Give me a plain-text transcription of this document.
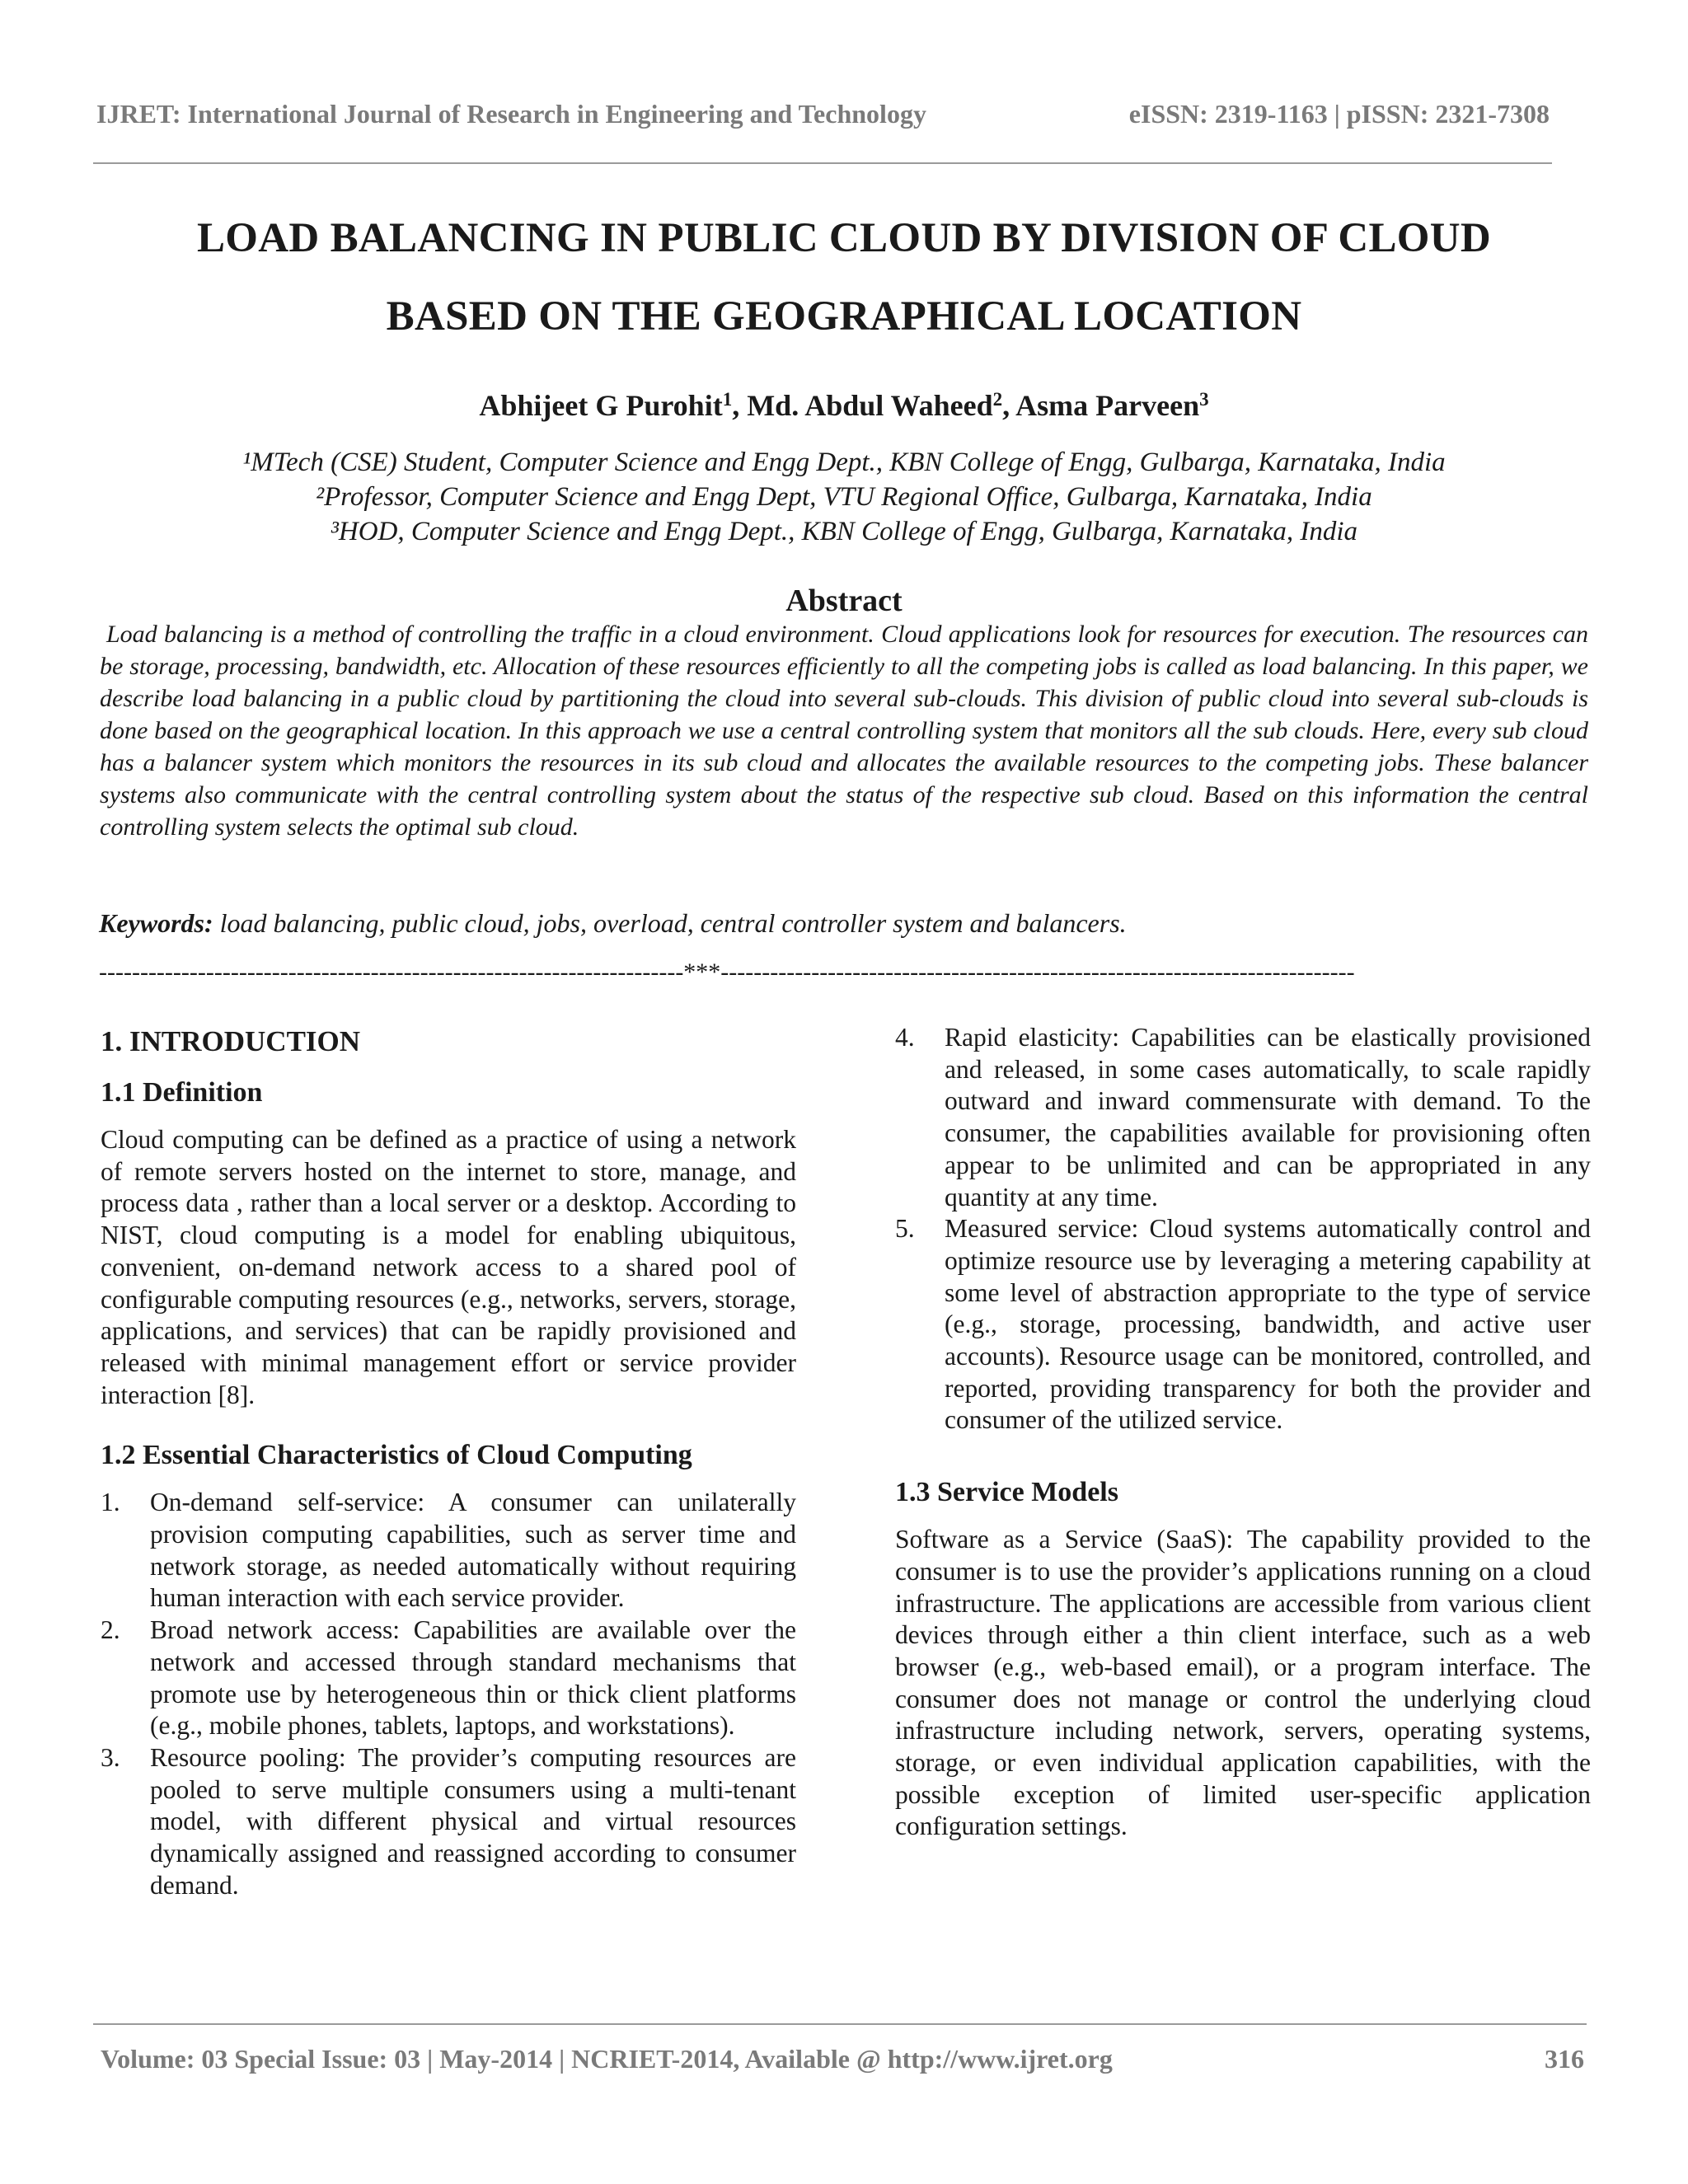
IJRET: International Journal of Research in Engineering and Technology	eISSN: 2319-1163 | pISSN: 2321-7308
LOAD BALANCING IN PUBLIC CLOUD BY DIVISION OF CLOUD
BASED ON THE GEOGRAPHICAL LOCATION
Abhijeet G Purohit$^1$, Md. Abdul Waheed$^2$, Asma Parveen$^3$
¹MTech (CSE) Student, Computer Science and Engg Dept., KBN College of Engg, Gulbarga, Karnataka, India
²Professor, Computer Science and Engg Dept, VTU Regional Office, Gulbarga, Karnataka, India
³HOD, Computer Science and Engg Dept., KBN College of Engg, Gulbarga, Karnataka, India
Abstract
Load balancing is a method of controlling the traffic in a cloud environment. Cloud applications look for resources for execution. The resources can be storage, processing, bandwidth, etc. Allocation of these resources efficiently to all the competing jobs is called as load balancing. In this paper, we describe load balancing in a public cloud by partitioning the cloud into several sub-clouds. This division of public cloud into several sub-clouds is done based on the geographical location. In this approach we use a central controlling system that monitors all the sub clouds. Here, every sub cloud has a balancer system which monitors the resources in its sub cloud and allocates the available resources to the competing jobs. These balancer systems also communicate with the central controlling system about the status of the respective sub cloud. Based on this information the central controlling system selects the optimal sub cloud.
Keywords: load balancing, public cloud, jobs, overload, central controller system and balancers.
-----------------------------------------------------------------------***-----------------------------------------------------------------------------
1. INTRODUCTION
1.1 Definition

Cloud computing can be defined as a practice of using a network of remote servers hosted on the internet to store, manage, and process data , rather than a local server or a desktop. According to NIST, cloud computing is a model for enabling ubiquitous, convenient, on-demand network access to a shared pool of configurable computing resources (e.g., networks, servers, storage, applications, and services) that can be rapidly provisioned and released with minimal management effort or service provider interaction [8].

1.2 Essential Characteristics of Cloud Computing
1. On-demand self-service: A consumer can unilaterally provision computing capabilities, such as server time and network storage, as needed automatically without requiring human interaction with each service provider.
2. Broad network access: Capabilities are available over the network and accessed through standard mechanisms that promote use by heterogeneous thin or thick client platforms (e.g., mobile phones, tablets, laptops, and workstations).
3. Resource pooling: The provider’s computing resources are pooled to serve multiple consumers using a multi-tenant model, with different physical and virtual resources dynamically assigned and reassigned according to consumer demand.
4. Rapid elasticity: Capabilities can be elastically provisioned and released, in some cases automatically, to scale rapidly outward and inward commensurate with demand. To the consumer, the capabilities available for provisioning often appear to be unlimited and can be appropriated in any quantity at any time.
5. Measured service: Cloud systems automatically control and optimize resource use by leveraging a metering capability at some level of abstraction appropriate to the type of service (e.g., storage, processing, bandwidth, and active user accounts). Resource usage can be monitored, controlled, and reported, providing transparency for both the provider and consumer of the utilized service.
1.3 Service Models

Software as a Service (SaaS): The capability provided to the consumer is to use the provider’s applications running on a cloud infrastructure. The applications are accessible from various client devices through either a thin client interface, such as a web browser (e.g., web-based email), or a program interface. The consumer does not manage or control the underlying cloud infrastructure including network, servers, operating systems, storage, or even individual application capabilities, with the possible exception of limited user-specific application configuration settings.

Volume: 03 Special Issue: 03 | May-2014 | NCRIET-2014, Available @ http://www.ijret.org	316
